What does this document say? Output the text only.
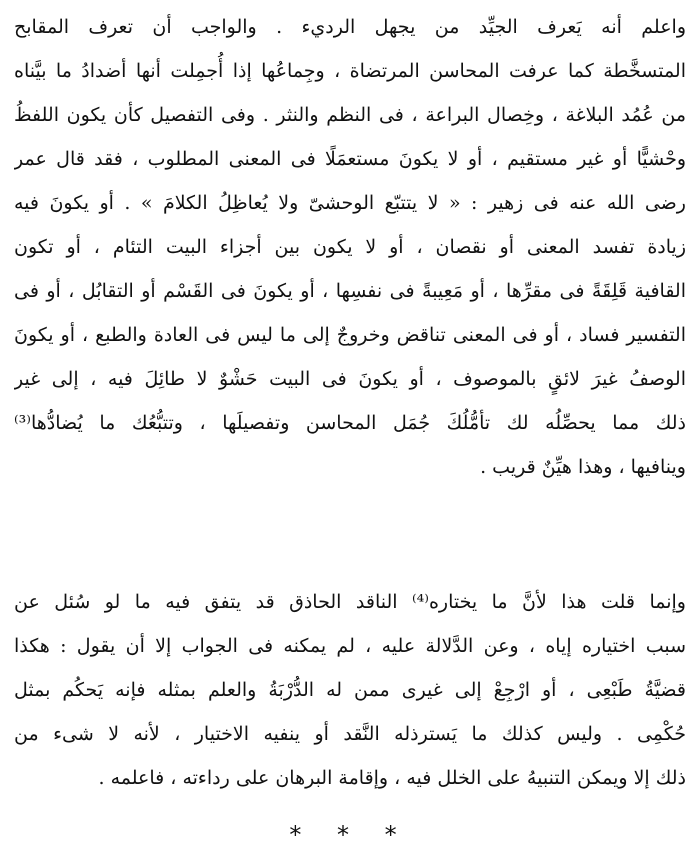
واعلم أنه يَعرف الجيِّد من يجهل الرديء . والواجب أن تعرف المقابح
المتسخَّطة كما عرفت المحاسن المرتضاة ، وجِماعُها إذا أُجمِلت أنها أضدادُ ما بيَّناه
من عُمُد البلاغة ، وخِصال البراعة ، فى النظم والنثر . وفى التفصيل كأن يكون اللفظُ
وحْشيًّا أو غير مستقيم ، أو لا يكونَ مستعمَلًا فى المعنى المطلوب ، فقد قال عمر
رضى الله عنه فى زهير : « لا يتتبّع الوحشىّ ولا يُعاظِلُ الكلامَ » . أو يكونَ فيه
زيادة تفسد المعنى أو نقصان ، أو لا يكون بين أجزاء البيت التئام ، أو تكون
القافية قَلِقَةً فى مقرِّها ، أو مَعِيبةً فى نفسِها ، أو يكونَ فى القَسْم أو التقابُل ، أو فى
التفسير فساد ، أو فى المعنى تناقض وخروجٌ إلى ما ليس فى العادة والطبع ، أو يكونَ
الوصفُ غيرَ لائقٍ بالموصوف ، أو يكونَ فى البيت حَشْوٌ لا طائِلَ فيه ، إلى غير
ذلك مما يحصِّلُه لك تأمُّلُكَ جُمَل المحاسن وتفصيلَها ، وتتبُّعُك ما يُضادُّها⁽³⁾
وينافيها ، وهذا هيِّنٌ قريب .
وإنما قلت هذا لأنَّ ما يختاره⁽⁴⁾ الناقد الحاذق قد يتفق فيه ما لو سُئل عن
سبب اختياره إياه ، وعن الدَّلالة عليه ، لم يمكنه فى الجواب إلا أن يقول : هكذا
قضيَّةُ طَبْعِى ، أو ارْجِعْ إلى غيرى ممن له الدُّرْبَةُ والعلم بمثله فإنه يَحكُم بمثل
حُكْمِى . وليس كذلك ما يَسترذله النَّقد أو ينفيه الاختيار ، لأنه لا شىء من
ذلك إلا ويمكن التنبيهُ على الخلل فيه ، وإقامة البرهان على رداءته ، فاعلمه .
* * *
